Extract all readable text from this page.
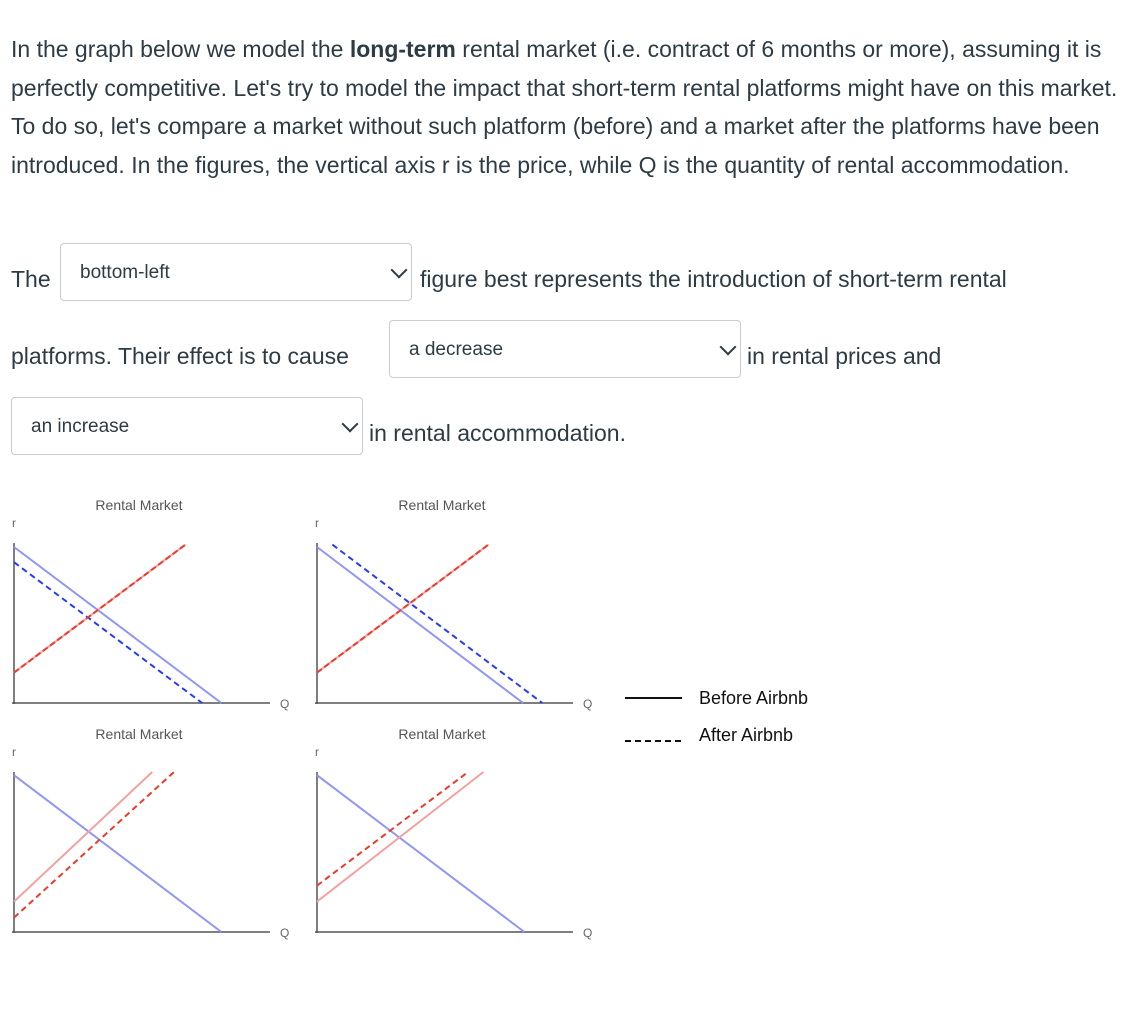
In the graph below we model the long-term rental market (i.e. contract of 6 months or more), assuming it is perfectly competitive. Let's try to model the impact that short-term rental platforms might have on this market. To do so, let's compare a market without such platform (before) and a market after the platforms have been introduced. In the figures, the vertical axis r is the price, while Q is the quantity of rental accommodation.
The	bottom-left	figure best represents the introduction of short-term rental
platforms. Their effect is to cause	a decrease	in rental prices and
an increase	in rental accommodation.
Before Airbnb
After Airbnb
Rental Market
r
Q
Rental Market
r
Q
Rental Market
r
Q
Rental Market
r
Q
